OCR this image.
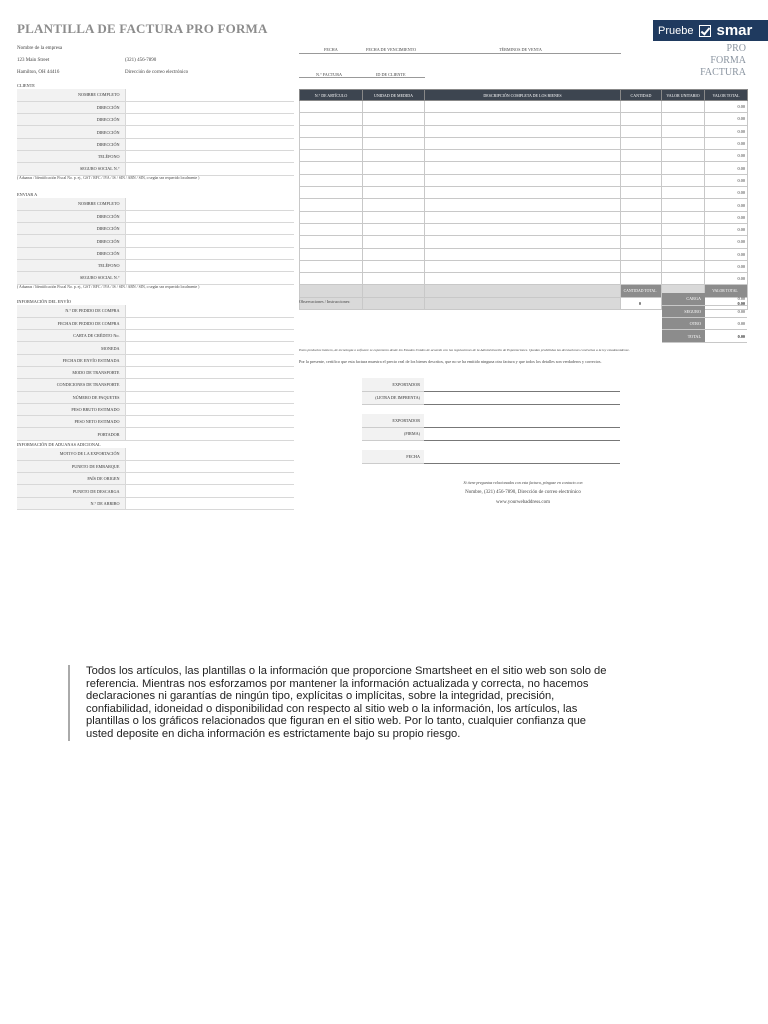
PLANTILLA DE FACTURA PRO FORMA	Pruebe smar
PRO
FORMA
FACTURA
Nombre de la empresa
123 Main Street
Hamilton, OH 44416
(321) 456-7890
Dirección de correo electrónico
FECHA	FECHA DE VENCIMIENTO	TÉRMINOS DE VENTA
N.° FACTURA	ID DE CLIENTE
CLIENTE
NOMBRE COMPLETO	
DIRECCIÓN	
DIRECCIÓN	
DIRECCIÓN	
DIRECCIÓN	
TELÉFONO	
SEGURO SOCIAL N.°	
( Aduanas / Identificación Fiscal No. p. ej., GST / RFC / IVA / IS / SIN / ABN / SIN, o según sea requerido localmente )
ENVIAR A
NOMBRE COMPLETO	
DIRECCIÓN	
DIRECCIÓN	
DIRECCIÓN	
DIRECCIÓN	
TELÉFONO	
SEGURO SOCIAL N.°	
( Aduanas / Identificación Fiscal No. p. ej., GST / RFC / IVA / IS / SIN / ABN / SIN, o según sea requerido localmente )
INFORMACIÓN DEL ENVÍO
N.° DE PEDIDO DE COMPRA	
FECHA DE PEDIDO DE COMPRA	
CARTA DE CRÉDITO No.	
MONEDA	
FECHA DE ENVÍO ESTIMADA	
MODO DE TRANSPORTE	
CONDICIONES DE TRANSPORTE	
NÚMERO DE PAQUETES	
PESO BRUTO ESTIMADO	
PESO NETO ESTIMADO	
PORTADOR	
INFORMACIÓN DE ADUANAS ADICIONAL
MOTIVO DE LA EXPORTACIÓN	
PUNETO DE EMBARQUE	
PAÍS DE ORIGEN	
PUNETO DE DESCARGA	
N.° DE ARRIBO	
N.° DE ARTÍCULO	UNIDAD DE MEDIDA	DESCRIPCIÓN COMPLETA DE LOS BIENES	CANTIDAD	VALOR UNITARIO	VALOR TOTAL
					0.00
					0.00
					0.00
					0.00
					0.00
					0.00
					0.00
					0.00
					0.00
					0.00
					0.00
					0.00
					0.00
					0.00
					0.00
			CANTIDAD TOTAL		VALOR TOTAL
			0		0.00
Observaciones / Instrucciones:
CARGA	0.00
SEGURO	0.00
OTRO	0.00
TOTAL	0.00
Estos productos básicos, de tecnología o software se exportaron desde los Estados Unidos de acuerdo con las regulaciones de la Administración de Exportaciones. Quedan prohibidas las desviaciones contrarias a la ley estadounidense.
Por la presente, certifico que esta factura muestra el precio real de los bienes descritos, que no se ha emitido ninguna otra factura y que todos los detalles son verdaderos y correctos.
EXPORTADOR	
(LETRA DE IMPRENTA)	
EXPORTADOR	
(FIRMA)	
FECHA	
Si tiene preguntas relacionadas con esta factura, póngase en contacto con
Nombre, (321) 456-7890, Dirección de correo electrónico
www.yourwebaddress.com
Todos los artículos, las plantillas o la información que proporcione Smartsheet en el sitio web son solo de referencia. Mientras nos esforzamos por mantener la información actualizada y correcta, no hacemos declaraciones ni garantías de ningún tipo, explícitas o implícitas, sobre la integridad, precisión, confiabilidad, idoneidad o disponibilidad con respecto al sitio web o la información, los artículos, las plantillas o los gráficos relacionados que figuran en el sitio web. Por lo tanto, cualquier confianza que usted deposite en dicha información es estrictamente bajo su propio riesgo.
